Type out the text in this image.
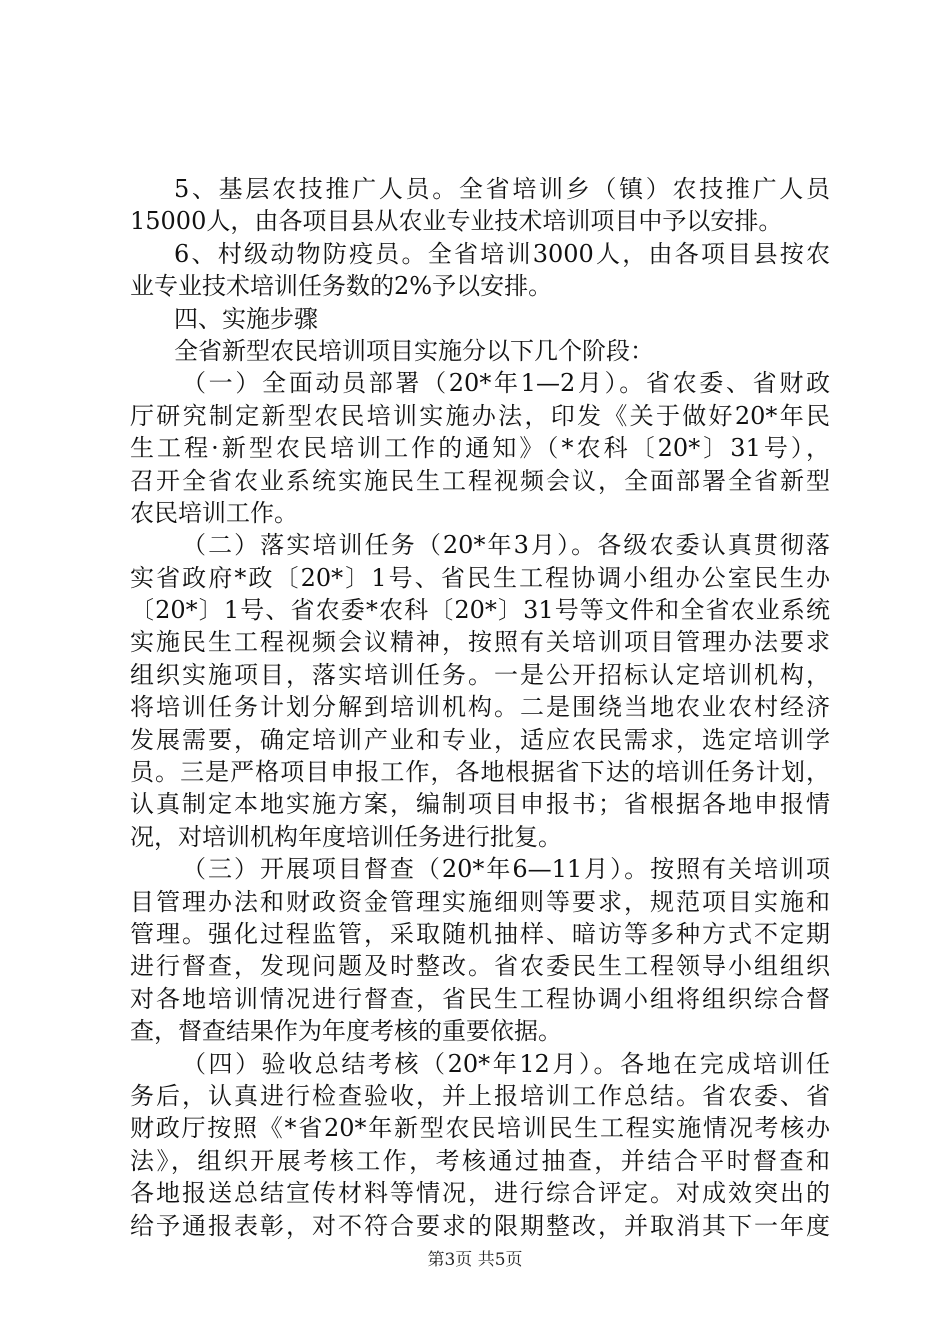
5、基层农技推广人员。全省培训乡（镇）农技推广人员
15000人，由各项目县从农业专业技术培训项目中予以安排。
6、村级动物防疫员。全省培训3000人，由各项目县按农
业专业技术培训任务数的2%予以安排。
四、实施步骤
全省新型农民培训项目实施分以下几个阶段：
（一）全面动员部署（20*年1—2月）。省农委、省财政
厅研究制定新型农民培训实施办法，印发《关于做好20*年民
生工程·新型农民培训工作的通知》（*农科〔20*〕31号），
召开全省农业系统实施民生工程视频会议，全面部署全省新型
农民培训工作。
（二）落实培训任务（20*年3月）。各级农委认真贯彻落
实省政府*政〔20*〕1号、省民生工程协调小组办公室民生办
〔20*〕1号、省农委*农科〔20*〕31号等文件和全省农业系统
实施民生工程视频会议精神，按照有关培训项目管理办法要求
组织实施项目，落实培训任务。一是公开招标认定培训机构，
将培训任务计划分解到培训机构。二是围绕当地农业农村经济
发展需要，确定培训产业和专业，适应农民需求，选定培训学
员。三是严格项目申报工作，各地根据省下达的培训任务计划，
认真制定本地实施方案，编制项目申报书；省根据各地申报情
况，对培训机构年度培训任务进行批复。
（三）开展项目督查（20*年6—11月）。按照有关培训项
目管理办法和财政资金管理实施细则等要求，规范项目实施和
管理。强化过程监管，采取随机抽样、暗访等多种方式不定期
进行督查，发现问题及时整改。省农委民生工程领导小组组织
对各地培训情况进行督查，省民生工程协调小组将组织综合督
查，督查结果作为年度考核的重要依据。
（四）验收总结考核（20*年12月）。各地在完成培训任
务后，认真进行检查验收，并上报培训工作总结。省农委、省
财政厅按照《*省20*年新型农民培训民生工程实施情况考核办
法》，组织开展考核工作，考核通过抽查，并结合平时督查和
各地报送总结宣传材料等情况，进行综合评定。对成效突出的
给予通报表彰，对不符合要求的限期整改，并取消其下一年度
第3页 共5页
